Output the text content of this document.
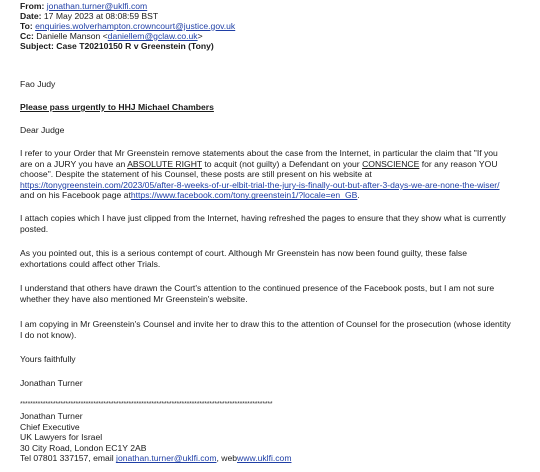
From: jonathan.turner@uklfi.com
Date: 17 May 2023 at 08:08:59 BST
To: enquiries.wolverhampton.crowncourt@justice.gov.uk
Cc: Danielle Manson <daniellem@gclaw.co.uk>
Subject: Case T20210150 R v Greenstein (Tony)

Fao Judy

Please pass urgently to HHJ Michael Chambers

Dear Judge

I refer to your Order that Mr Greenstein remove statements about the case from the Internet, in particular the claim that "If you are on a JURY you have an ABSOLUTE RIGHT to acquit (not guilty) a Defendant on your CONSCIENCE for any reason YOU choose". Despite the statement of his Counsel, these posts are still present on his website at https://tonygreenstein.com/2023/05/after-8-weeks-of-ur-elbit-trial-the-jury-is-finally-out-but-after-3-days-we-are-none-the-wiser/ and on his Facebook page athttps://www.facebook.com/tony.greenstein1/?locale=en_GB.

I attach copies which I have just clipped from the Internet, having refreshed the pages to ensure that they show what is currently posted.

As you pointed out, this is a serious contempt of court. Although Mr Greenstein has now been found guilty, these false exhortations could affect other Trials.

I understand that others have drawn the Court's attention to the continued presence of the Facebook posts, but I am not sure whether they have also mentioned Mr Greenstein's website.

I am copying in Mr Greenstein's Counsel and invite her to draw this to the attention of Counsel for the prosecution (whose identity I do not know).

Yours faithfully

Jonathan Turner

****************************************************************************************************
Jonathan Turner
Chief Executive
UK Lawyers for Israel
30 City Road, London EC1Y 2AB
Tel 07801 337157, email jonathan.turner@uklfi.com, webwww.uklfi.com
